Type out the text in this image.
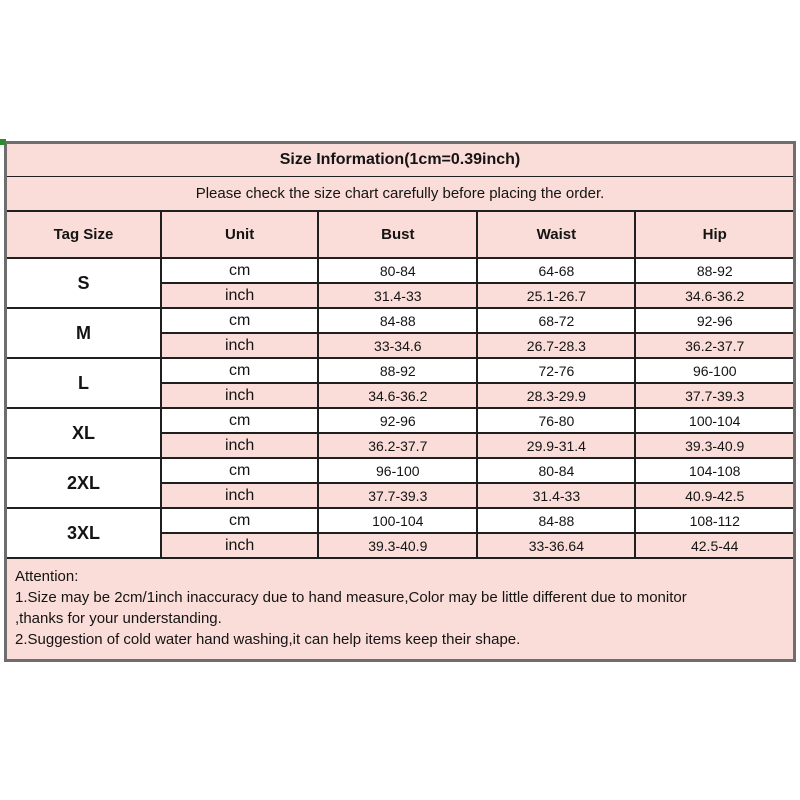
Size Information(1cm=0.39inch)				
Please check the size chart carefully before placing the order.				
Tag Size	Unit	Bust	Waist	Hip
S	cm	80-84	64-68	88-92
	inch	31.4-33	25.1-26.7	34.6-36.2
M	cm	84-88	68-72	92-96
	inch	33-34.6	26.7-28.3	36.2-37.7
L	cm	88-92	72-76	96-100
	inch	34.6-36.2	28.3-29.9	37.7-39.3
XL	cm	92-96	76-80	100-104
	inch	36.2-37.7	29.9-31.4	39.3-40.9
2XL	cm	96-100	80-84	104-108
	inch	37.7-39.3	31.4-33	40.9-42.5
3XL	cm	100-104	84-88	108-112
	inch	39.3-40.9	33-36.64	42.5-44

Attention:

1.Size may be 2cm/1inch inaccuracy due to hand measure,Color may be little different due to monitor

,thanks for your understanding.

2.Suggestion of cold water hand washing,it can help items keep their shape.				
